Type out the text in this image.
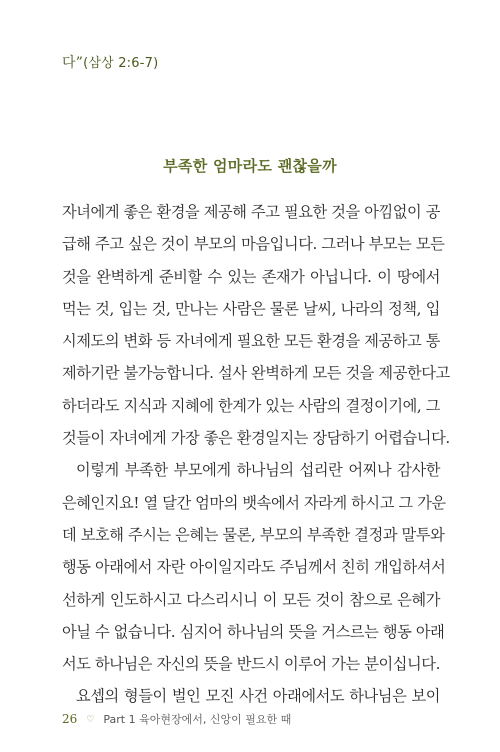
다”(삼상 2:6-7)
부족한 엄마라도 괜찮을까
자녀에게 좋은 환경을 제공해 주고 필요한 것을 아낌없이 공
급해 주고 싶은 것이 부모의 마음입니다. 그러나 부모는 모든
것을 완벽하게 준비할 수 있는 존재가 아닙니다. 이 땅에서
먹는 것, 입는 것, 만나는 사람은 물론 날씨, 나라의 정책, 입
시제도의 변화 등 자녀에게 필요한 모든 환경을 제공하고 통
제하기란 불가능합니다. 설사 완벽하게 모든 것을 제공한다고
하더라도 지식과 지혜에 한계가 있는 사람의 결정이기에, 그
것들이 자녀에게 가장 좋은 환경일지는 장담하기 어렵습니다.
이렇게 부족한 부모에게 하나님의 섭리란 어찌나 감사한
은혜인지요! 열 달간 엄마의 뱃속에서 자라게 하시고 그 가운
데 보호해 주시는 은혜는 물론, 부모의 부족한 결정과 말투와
행동 아래에서 자란 아이일지라도 주님께서 친히 개입하셔서
선하게 인도하시고 다스리시니 이 모든 것이 참으로 은혜가
아닐 수 없습니다. 심지어 하나님의 뜻을 거스르는 행동 아래
서도 하나님은 자신의 뜻을 반드시 이루어 가는 분이십니다.
요셉의 형들이 벌인 모진 사건 아래에서도 하나님은 보이
26 ♡ Part 1 육아현장에서, 신앙이 필요한 때
